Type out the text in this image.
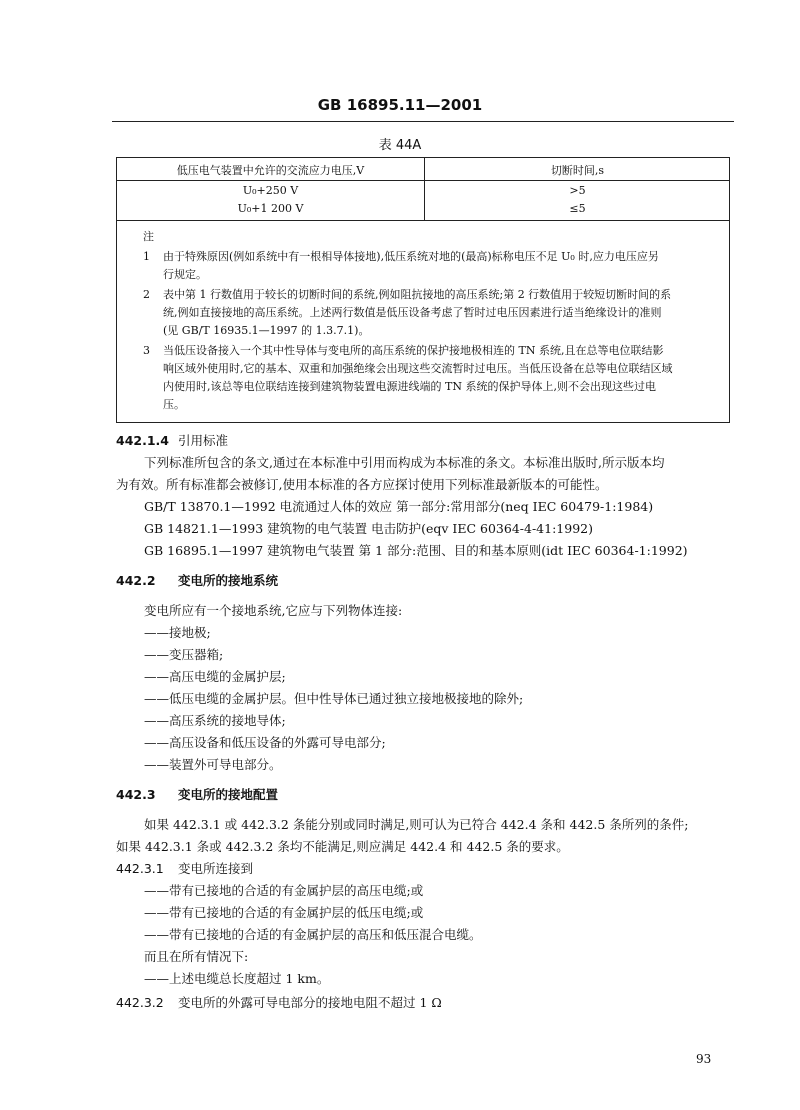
GB 16895.11—2001
表 44A
低压电气装置中允许的交流应力电压,V	切断时间,s
U₀+250 V	>5
U₀+1 200 V	≤5
注
1 由于特殊原因(例如系统中有一根相导体接地),低压系统对地的(最高)标称电压不足 U₀ 时,应力电压应另
行规定。
2 表中第 1 行数值用于较长的切断时间的系统,例如阻抗接地的高压系统;第 2 行数值用于较短切断时间的系
统,例如直接接地的高压系统。上述两行数值是低压设备考虑了暂时过电压因素进行适当绝缘设计的准则
(见 GB/T 16935.1—1997 的 1.3.7.1)。
3 当低压设备接入一个其中性导体与变电所的高压系统的保护接地极相连的 TN 系统,且在总等电位联结影
响区域外使用时,它的基本、双重和加强绝缘会出现这些交流暂时过电压。当低压设备在总等电位联结区域
内使用时,该总等电位联结连接到建筑物装置电源进线端的 TN 系统的保护导体上,则不会出现这些过电
压。
442.1.4 引用标准
下列标准所包含的条文,通过在本标准中引用而构成为本标准的条文。本标准出版时,所示版本均
为有效。所有标准都会被修订,使用本标准的各方应探讨使用下列标准最新版本的可能性。
GB/T 13870.1—1992 电流通过人体的效应 第一部分:常用部分(neq IEC 60479-1:1984)
GB 14821.1—1993 建筑物的电气装置 电击防护(eqv IEC 60364-4-41:1992)
GB 16895.1—1997 建筑物电气装置 第 1 部分:范围、目的和基本原则(idt IEC 60364-1:1992)
442.2 变电所的接地系统
变电所应有一个接地系统,它应与下列物体连接:
——接地极;
——变压器箱;
——高压电缆的金属护层;
——低压电缆的金属护层。但中性导体已通过独立接地极接地的除外;
——高压系统的接地导体;
——高压设备和低压设备的外露可导电部分;
——装置外可导电部分。
442.3 变电所的接地配置
如果 442.3.1 或 442.3.2 条能分别或同时满足,则可认为已符合 442.4 条和 442.5 条所列的条件;
如果 442.3.1 条或 442.3.2 条均不能满足,则应满足 442.4 和 442.5 条的要求。
442.3.1 变电所连接到
——带有已接地的合适的有金属护层的高压电缆;或
——带有已接地的合适的有金属护层的低压电缆;或
——带有已接地的合适的有金属护层的高压和低压混合电缆。
而且在所有情况下:
——上述电缆总长度超过 1 km。
442.3.2 变电所的外露可导电部分的接地电阻不超过 1 Ω
93
